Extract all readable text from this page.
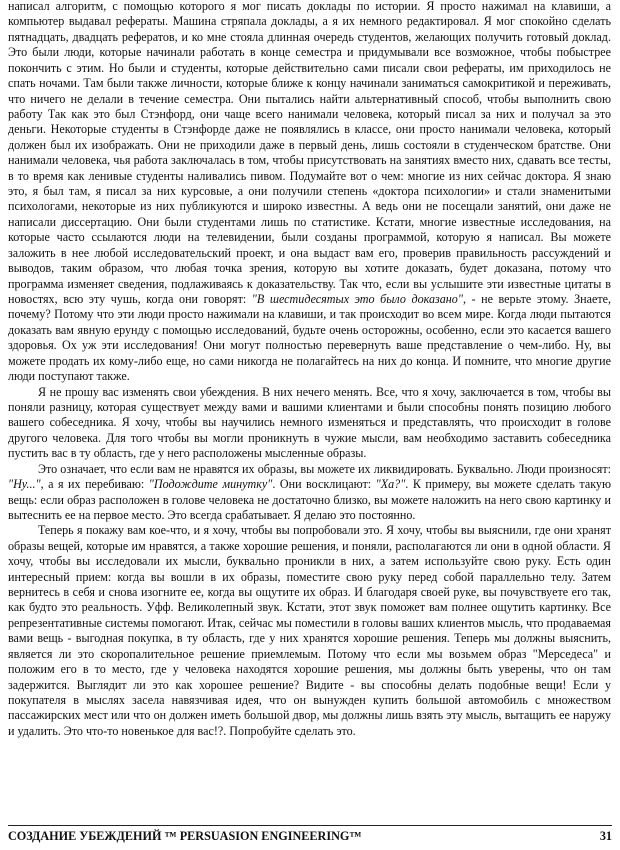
написал алгоритм, с помощью которого я мог писать доклады по истории. Я просто нажимал на клавиши, а компьютер выдавал рефераты. Машина стряпала доклады, а я их немного редактировал. Я мог спокойно сделать пятнадцать, двадцать рефератов, и ко мне стояла длинная очередь студентов, желающих получить готовый доклад. Это были люди, которые начинали работать в конце семестра и придумывали все возможное, чтобы побыстрее покончить с этим. Но были и студенты, которые действительно сами писали свои рефераты, им приходилось не спать ночами. Там были также личности, которые ближе к концу начинали заниматься самокритикой и переживать, что ничего не делали в течение семестра. Они пытались найти альтернативный способ, чтобы выполнить свою работу Так как это был Стэнфорд, они чаще всего нанимали человека, который писал за них и получал за это деньги. Некоторые студенты в Стэнфорде даже не появлялись в классе, они просто нанимали человека, который должен был их изображать. Они не приходили даже в первый день, лишь состояли в студенческом братстве. Они нанимали человека, чья работа заключалась в том, чтобы присутствовать на занятиях вместо них, сдавать все тесты, в то время как ленивые студенты наливались пивом. Подумайте вот о чем: многие из них сейчас доктора. Я знаю это, я был там, я писал за них курсовые, а они получили степень «доктора психологии» и стали знаменитыми психологами, некоторые из них публикуются и широко известны. А ведь они не посещали занятий, они даже не написали диссертацию. Они были студентами лишь по статистике. Кстати, многие известные исследования, на которые часто ссылаются люди на телевидении, были созданы программой, которую я написал. Вы можете заложить в нее любой исследовательский проект, и она выдаст вам его, проверив правильность рассуждений и выводов, таким образом, что любая точка зрения, которую вы хотите доказать, будет доказана, потому что программа изменяет сведения, подлаживаясь к доказательству. Так что, если вы услышите эти известные цитаты в новостях, всю эту чушь, когда они говорят: "В шестидесятых это было доказано", - не верьте этому. Знаете, почему? Потому что эти люди просто нажимали на клавиши, и так происходит во всем мире. Когда люди пытаются доказать вам явную ерунду с помощью исследований, будьте очень осторожны, особенно, если это касается вашего здоровья. Ох уж эти исследования! Они могут полностью перевернуть ваше представление о чем-либо. Ну, вы можете продать их кому-либо еще, но сами никогда не полагайтесь на них до конца. И помните, что многие другие люди поступают также.

Я не прошу вас изменять свои убеждения. В них нечего менять. Все, что я хочу, заключается в том, чтобы вы поняли разницу, которая существует между вами и вашими клиентами и были способны понять позицию любого вашего собеседника. Я хочу, чтобы вы научились немного изменяться и представлять, что происходит в голове другого человека. Для того чтобы вы могли проникнуть в чужие мысли, вам необходимо заставить собеседника пустить вас в ту область, где у него расположены мысленные образы.

Это означает, что если вам не нравятся их образы, вы можете их ликвидировать. Буквально. Люди произносят: "Ну...", а я их перебиваю: "Подождите минутку". Они восклицают: "Ха?". К примеру, вы можете сделать такую вещь: если образ расположен в голове человека не достаточно близко, вы можете наложить на него свою картинку и вытеснить ее на первое место. Это всегда срабатывает. Я делаю это постоянно.

Теперь я покажу вам кое-что, и я хочу, чтобы вы попробовали это. Я хочу, чтобы вы выяснили, где они хранят образы вещей, которые им нравятся, а также хорошие решения, и поняли, располагаются ли они в одной области. Я хочу, чтобы вы исследовали их мысли, буквально проникли в них, а затем используйте свою руку. Есть один интересный прием: когда вы вошли в их образы, поместите свою руку перед собой параллельно телу. Затем вернитесь в себя и снова изогните ее, когда вы ощутите их образ. И благодаря своей руке, вы почувствуете его так, как будто это реальность. Уфф. Великолепный звук. Кстати, этот звук поможет вам полнее ощутить картинку. Все репрезентативные системы помогают. Итак, сейчас мы поместили в головы ваших клиентов мысль, что продаваемая вами вещь - выгодная покупка, в ту область, где у них хранятся хорошие решения. Теперь мы должны выяснить, является ли это скоропалительное решение приемлемым. Потому что если мы возьмем образ "Мерседеса" и положим его в то место, где у человека находятся хорошие решения, мы должны быть уверены, что он там задержится. Выглядит ли это как хорошее решение? Видите - вы способны делать подобные вещи! Если у покупателя в мыслях засела навязчивая идея, что он вынужден купить большой автомобиль с множеством пассажирских мест или что он должен иметь большой двор, мы должны лишь взять эту мысль, вытащить ее наружу и удалить. Это что-то новенькое для вас!?. Попробуйте сделать это.

СОЗДАНИЕ УБЕЖДЕНИЙ ™ PERSUASION ENGINEERING™	31
